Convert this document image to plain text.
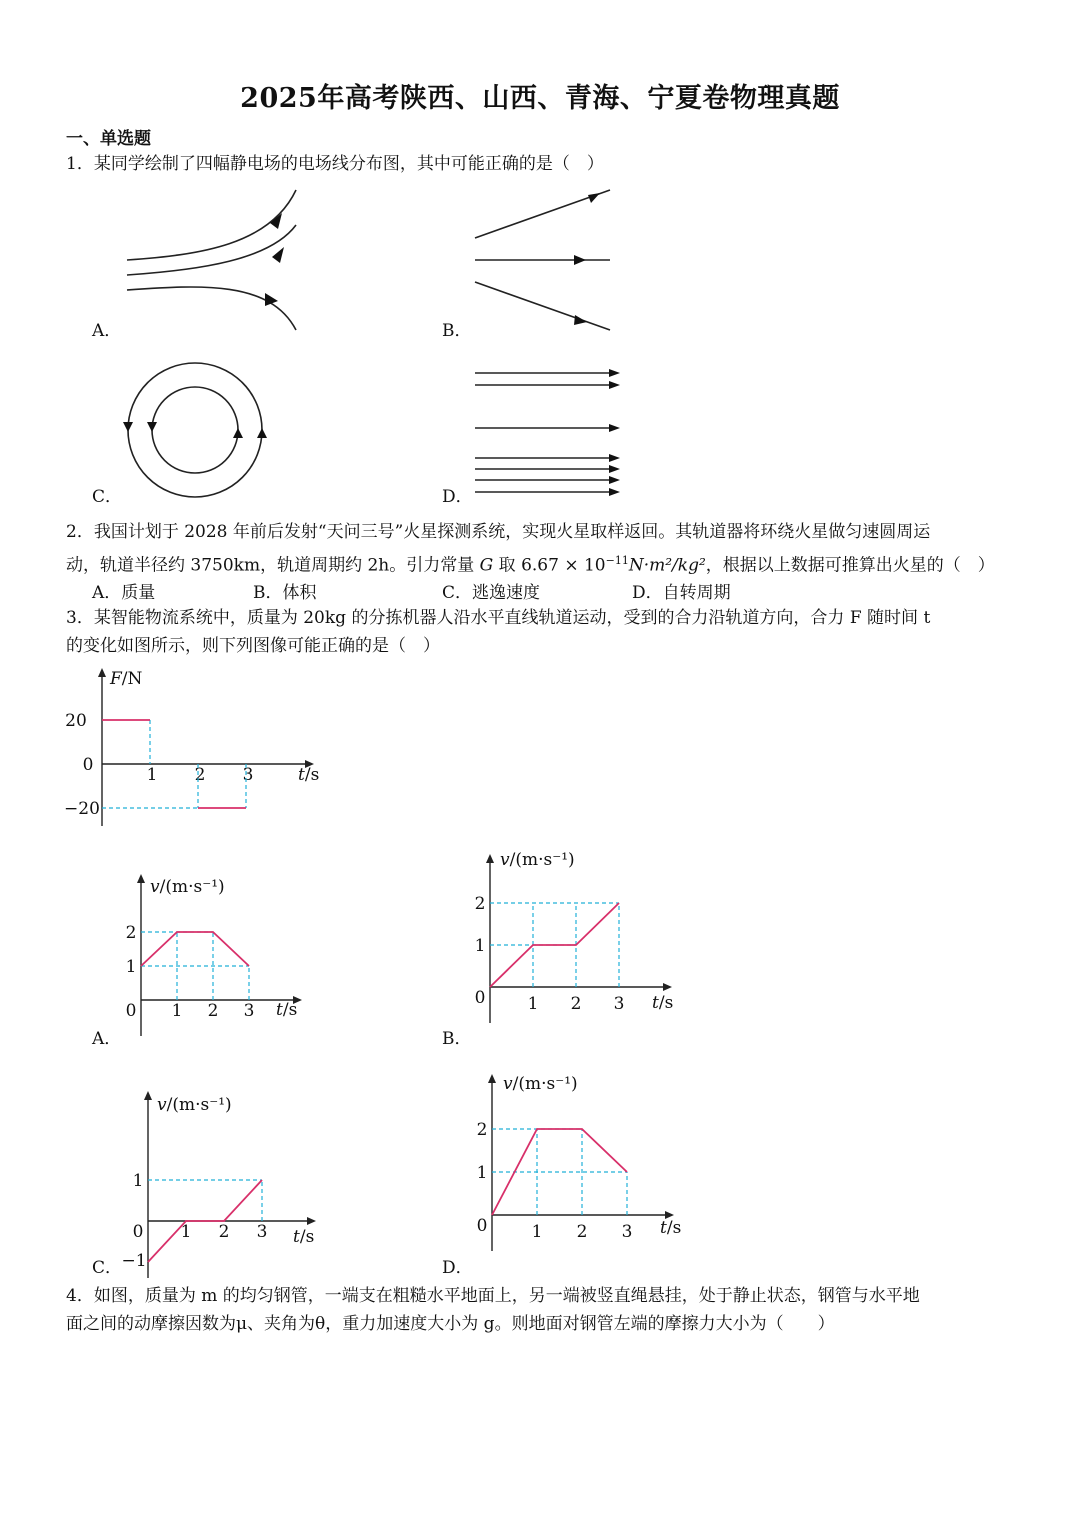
2025年高考陕西、山西、青海、宁夏卷物理真题
一、单选题
1．某同学绘制了四幅静电场的电场线分布图，其中可能正确的是（　）
A．	B．
C．	D．
2．我国计划于 2028 年前后发射“天问三号”火星探测系统，实现火星取样返回。其轨道器将环绕火星做匀速圆周运
动，轨道半径约 3750km，轨道周期约 2h。引力常量 G 取 $6.67 \times 10^{-11}N\cdot m^2$/kg²，根据以上数据可推算出火星的（　）
A．质量	B．体积	C．逃逸速度	D．自转周期
3．某智能物流系统中，质量为 20kg 的分拣机器人沿水平直线轨道运动，受到的合力沿轨道方向，合力 F 随时间 t
的变化如图所示，则下列图像可能正确的是（　）
F/N
t/s
20
0
−20
1 2 3
v/(m·s⁻¹)
t/s
0 1 2 3
1
2
v/(m·s⁻¹)
t/s
0 1 2 3
1
2
v/(m·s⁻¹)
t/s
0 1 2 3
1
−1
v/(m·s⁻¹)
t/s
0	1 2 3
1
2
A．	B．
C．	D．
4．如图，质量为 m 的均匀钢管，一端支在粗糙水平地面上，另一端被竖直绳悬挂，处于静止状态，钢管与水平地
面之间的动摩擦因数为μ、夹角为θ，重力加速度大小为 g。则地面对钢管左端的摩擦力大小为（　　）
